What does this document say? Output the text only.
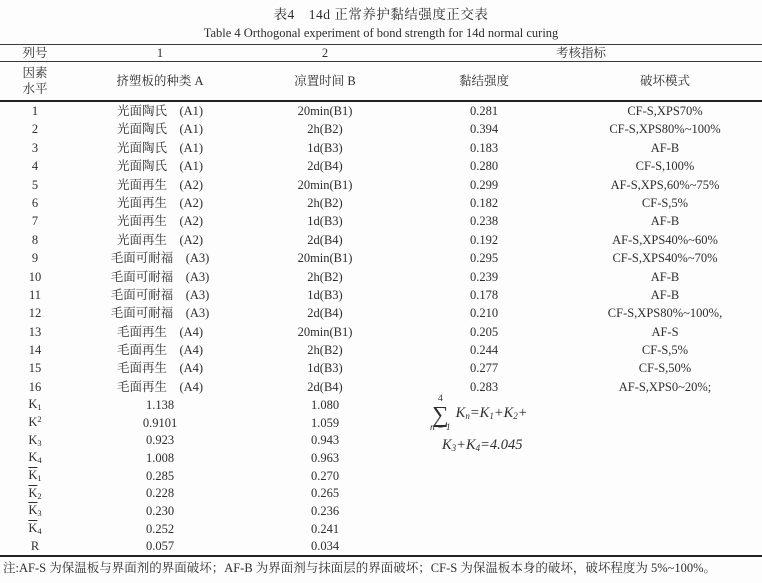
表4　14d 正常养护黏结强度正交表
Table 4 Orthogonal experiment of bond strength for 14d normal curing
列号	1	2	考核指标	

因素
水平	挤塑板的种类 A	凉置时间 B	黏结强度	破坏模式
1	光面陶氏　(A1)	20min(B1)	0.281	CF-S,XPS70%
2	光面陶氏　(A1)	2h(B2)	0.394	CF-S,XPS80%~100%
3	光面陶氏　(A1)	1d(B3)	0.183	AF-B
4	光面陶氏　(A1)	2d(B4)	0.280	CF-S,100%
5	光面再生　(A2)	20min(B1)	0.299	AF-S,XPS,60%~75%
6	光面再生　(A2)	2h(B2)	0.182	CF-S,5%
7	光面再生　(A2)	1d(B3)	0.238	AF-B
8	光面再生　(A2)	2d(B4)	0.192	AF-S,XPS40%~60%
9	毛面可耐福　(A3)	20min(B1)	0.295	CF-S,XPS40%~70%
10	毛面可耐福　(A3)	2h(B2)	0.239	AF-B
11	毛面可耐福　(A3)	1d(B3)	0.178	AF-B
12	毛面可耐福　(A3)	2d(B4)	0.210	CF-S,XPS80%~100%,
13	毛面再生　(A4)	20min(B1)	0.205	AF-S
14	毛面再生　(A4)	2h(B2)	0.244	CF-S,5%
15	毛面再生　(A4)	1d(B3)	0.277	CF-S,50%
16	毛面再生　(A4)	2d(B4)	0.283	AF-S,XPS0~20%;
$K_1$	1.138	1.080		
$K^2$	0.9101	1.059		
$K_3$	0.923	0.943		
$K_4$	1.008	0.963		
$\overline{K}_1$	0.285	0.270		
$\overline{K}_2$	0.228	0.265		
$\overline{K}_3$	0.230	0.236		
$\overline{K}_4$	0.252	0.241		
R	0.057	0.034		
4
∑
n = 1
$K_n=K_1+K_2+$
$K_3+K_4=4.045$
注:AF-S 为保温板与界面剂的界面破坏；AF-B 为界面剂与抹面层的界面破坏；CF-S 为保温板本身的破坏，破坏程度为 5%~100%。
